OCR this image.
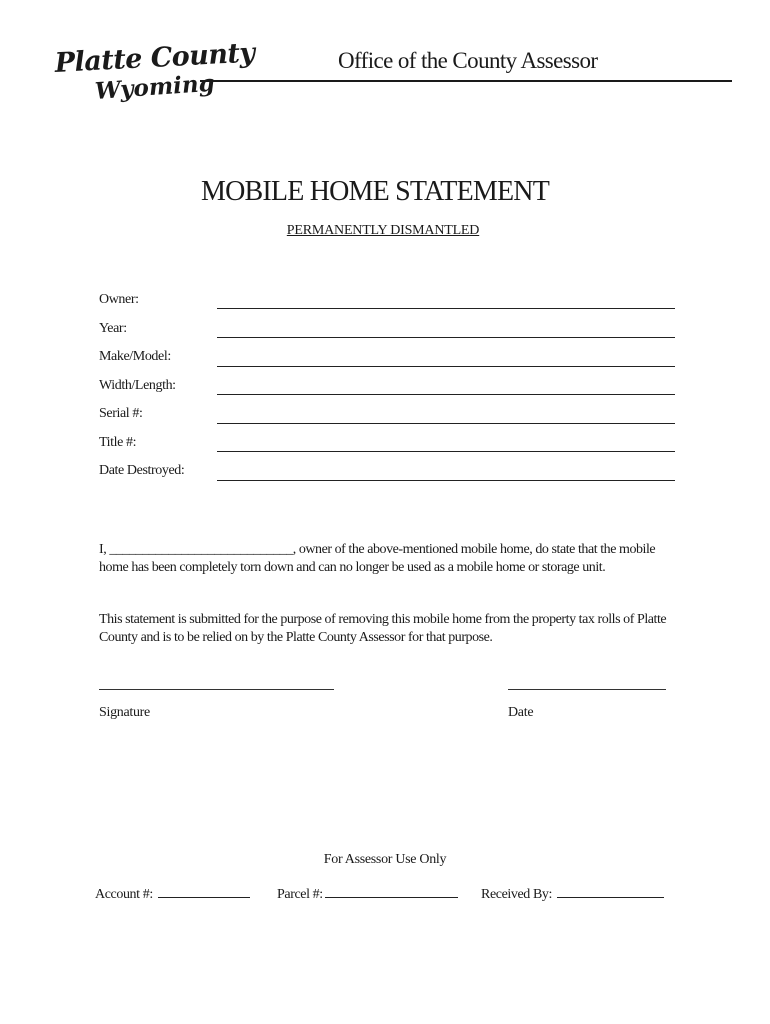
Platte County
Wyoming
Office of the County Assessor
MOBILE HOME STATEMENT
PERMANENTLY DISMANTLED
Owner:
Year:
Make/Model:
Width/Length:
Serial #:
Title #:
Date Destroyed:
I, ____________________________, owner of the above-mentioned mobile home, do state that the mobile home has been completely torn down and can no longer be used as a mobile home or storage unit.
This statement is submitted for the purpose of removing this mobile home from the property tax rolls of Platte County and is to be relied on by the Platte County Assessor for that purpose.
Signature	Date
For Assessor Use Only
Account #:	Parcel #:	Received By:
